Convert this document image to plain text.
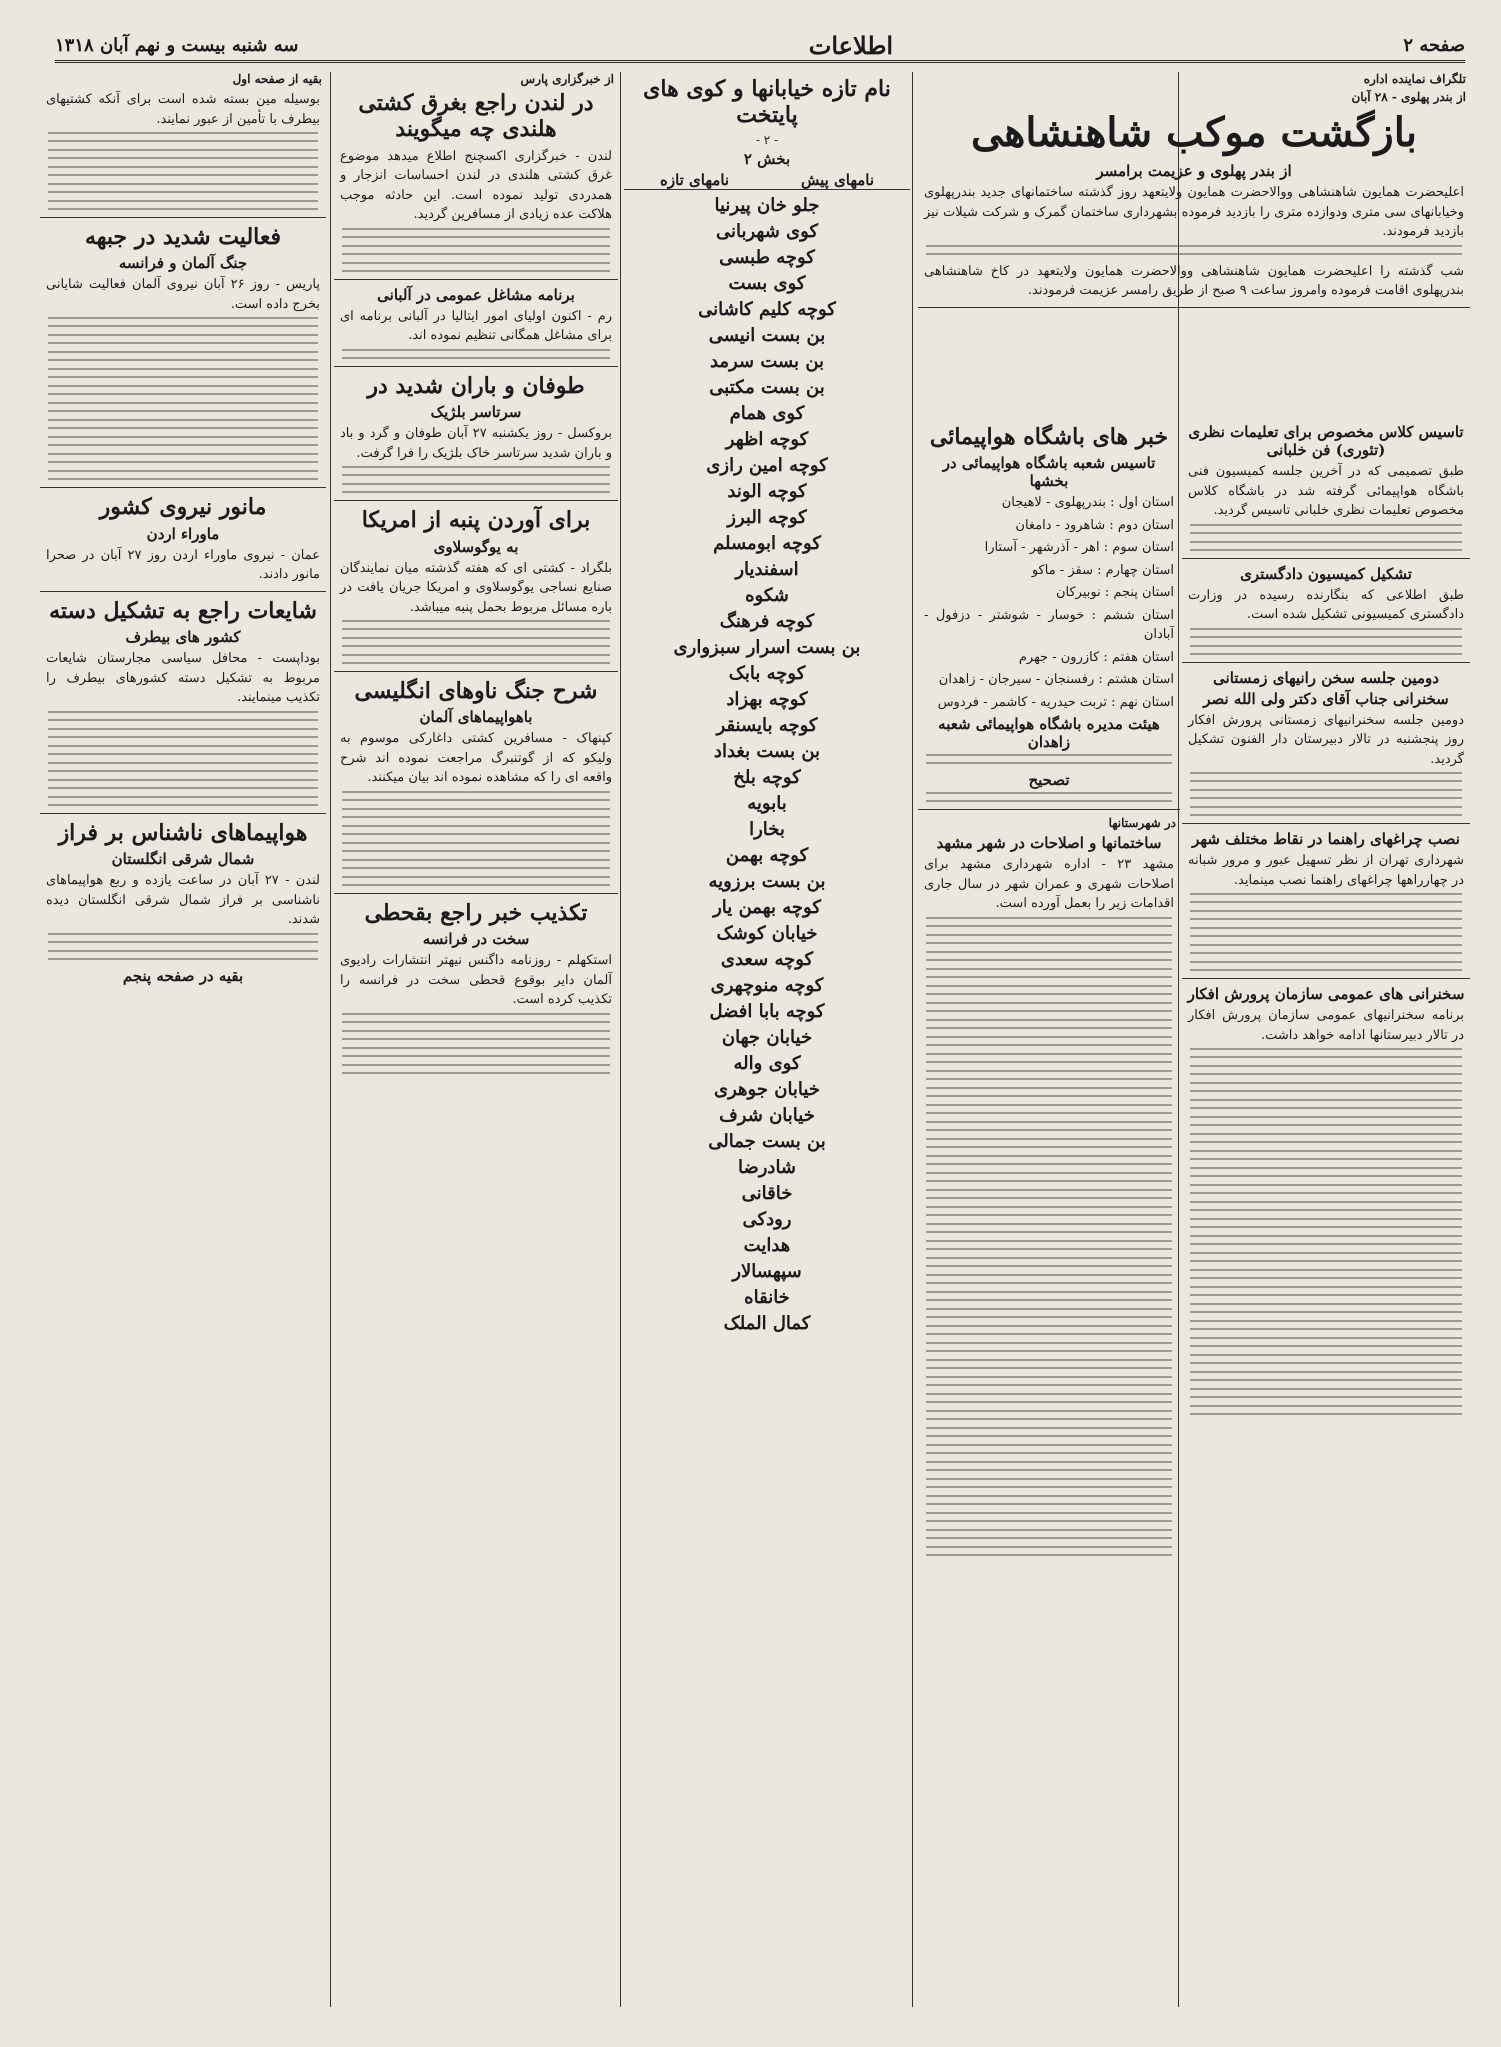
صفحه ۲
اطلاعات
سه شنبه بیست و نهم آبان ۱۳۱۸
تلگراف نماینده اداره
از بندر پهلوی - ۲۸ آبان
بازگشت موکب شاهنشاهی
از بندر پهلوی و عزیمت برامسر
اعلیحضرت همایون شاهنشاهی ووالاحضرت همایون ولایتعهد روز گذشته ساختمانهای جدید بندرپهلوی وخیابانهای سی متری ودوازده متری را بازدید فرموده بشهرداری ساختمان گمرک و شرکت شیلات نیز بازدید فرمودند.
شب گذشته را اعلیحضرت همایون شاهنشاهی ووالاحضرت همایون ولایتعهد در کاخ شاهنشاهی بندرپهلوی اقامت فرموده وامروز ساعت ۹ صبح از طریق رامسر عزیمت فرمودند.
خبر های باشگاه هواپیمائی
تاسیس شعبه باشگاه هواپیمائی در بخشها
استان اول : بندرپهلوی - لاهیجان
استان دوم : شاهرود - دامغان
استان سوم : اهر - آذرشهر - آستارا
استان چهارم : سقز - ماکو
استان پنجم : نوبیرکان
استان ششم : خوسار - شوشتر - دزفول - آبادان
استان هفتم : کازرون - جهرم
استان هشتم : رفسنجان - سیرجان - زاهدان
استان نهم : تربت حیدریه - کاشمر - فردوس
هیئت مدیره باشگاه هواپیمائی شعبه زاهدان
تصحیح
در شهرستانها
ساختمانها و اصلاحات در شهر مشهد
مشهد ۲۳ - اداره شهرداری مشهد برای اصلاحات شهری و عمران شهر در سال جاری اقدامات زیر را بعمل آورده است.
تاسیس کلاس مخصوص برای تعلیمات نظری (تئوری) فن خلبانی
طبق تصمیمی که در آخرین جلسه کمیسیون فنی باشگاه هواپیمائی گرفته شد در باشگاه کلاس مخصوص تعلیمات نظری خلبانی تاسیس گردید.
تشکیل کمیسیون دادگستری
طبق اطلاعی که بنگارنده رسیده در وزارت دادگستری کمیسیونی تشکیل شده است.
دومین جلسه سخن رانیهای زمستانی
سخنرانی جناب آقای دکتر ولی الله نصر
دومین جلسه سخنرانیهای زمستانی پرورش افکار روز پنجشنبه در تالار دبیرستان دار الفنون تشکیل گردید.
نصب چراغهای راهنما در نقاط مختلف شهر
شهرداری تهران از نظر تسهیل عبور و مرور شبانه در چهارراهها چراغهای راهنما نصب مینماید.
سخنرانی های عمومی سازمان پرورش افکار
برنامه سخنرانیهای عمومی سازمان پرورش افکار در تالار دبیرستانها ادامه خواهد داشت.
نام تازه خیابانها و کوی های پایتخت
- ۲ -
بخش ۲
نامهای پیش
نامهای تازه
جلو خان پیرنیا
کوی شهربانی
کوچه طبسی
کوی بست
کوچه کلیم کاشانی
بن بست انیسی
بن بست سرمد
بن بست مکتبی
کوی همام
کوچه اظهر
کوچه امین رازی
کوچه الوند
کوچه البرز
کوچه ابومسلم
اسفندیار
شکوه
کوچه فرهنگ
بن بست اسرار سبزواری
کوچه بابک
کوچه بهزاد
کوچه بایسنقر
بن بست بغداد
کوچه بلخ
بابویه
بخارا
کوچه بهمن
بن بست برزویه
کوچه بهمن یار
خیابان کوشک
کوچه سعدی
کوچه منوچهری
کوچه بابا افضل
خیابان جهان
کوی واله
خیابان جوهری
خیابان شرف
بن بست جمالی
شادرضا
خاقانی
رودکی
هدایت
سپهسالار
خانقاه
کمال الملک
از خبرگزاری پارس
در لندن راجع بغرق کشتی هلندی چه میگویند
لندن - خبرگزاری اکسچنج اطلاع میدهد موضوع غرق کشتی هلندی در لندن احساسات انزجار و همدردی تولید نموده است. این حادثه موجب هلاکت عده زیادی از مسافرین گردید.
برنامه مشاغل عمومی در آلبانی
رم - اکنون اولیای امور ایتالیا در آلبانی برنامه ای برای مشاغل همگانی تنظیم نموده اند.
طوفان و باران شدید در
سرتاسر بلژیک
بروکسل - روز یکشنبه ۲۷ آبان طوفان و گرد و باد و باران شدید سرتاسر خاک بلژیک را فرا گرفت.
برای آوردن پنبه از امریکا
به یوگوسلاوی
بلگراد - کشتی ای که هفته گذشته میان نمایندگان صنایع نساجی یوگوسلاوی و امریکا جریان یافت در باره مسائل مربوط بحمل پنبه میباشد.
شرح جنگ ناوهای انگلیسی
باهواپیماهای آلمان
کپنهاک - مسافرین کشتی داغارکی موسوم به ولیکو که از گوتنبرگ مراجعت نموده اند شرح واقعه ای را که مشاهده نموده اند بیان میکنند.
تکذیب خبر راجع بقحطی
سخت در فرانسه
استکهلم - روزنامه داگنس نیهتر انتشارات رادیوی آلمان دایر بوقوع قحطی سخت در فرانسه را تکذیب کرده است.
بقیه از صفحه اول
بوسیله مین بسته شده است برای آنکه کشتیهای بیطرف با تأمین از عبور نمایند.
فعالیت شدید در جبهه
جنگ آلمان و فرانسه
پاریس - روز ۲۶ آبان نیروی آلمان فعالیت شایانی بخرج داده است.
مانور نیروی کشور
ماوراء اردن
عمان - نیروی ماوراء اردن روز ۲۷ آبان در صحرا مانور دادند.
شایعات راجع به تشکیل دسته
کشور های بیطرف
بوداپست - محافل سیاسی مجارستان شایعات مربوط به تشکیل دسته کشورهای بیطرف را تکذیب مینمایند.
هواپیماهای ناشناس بر فراز
شمال شرقی انگلستان
لندن - ۲۷ آبان در ساعت یازده و ربع هواپیماهای ناشناسی بر فراز شمال شرقی انگلستان دیده شدند.
بقیه در صفحه پنجم
